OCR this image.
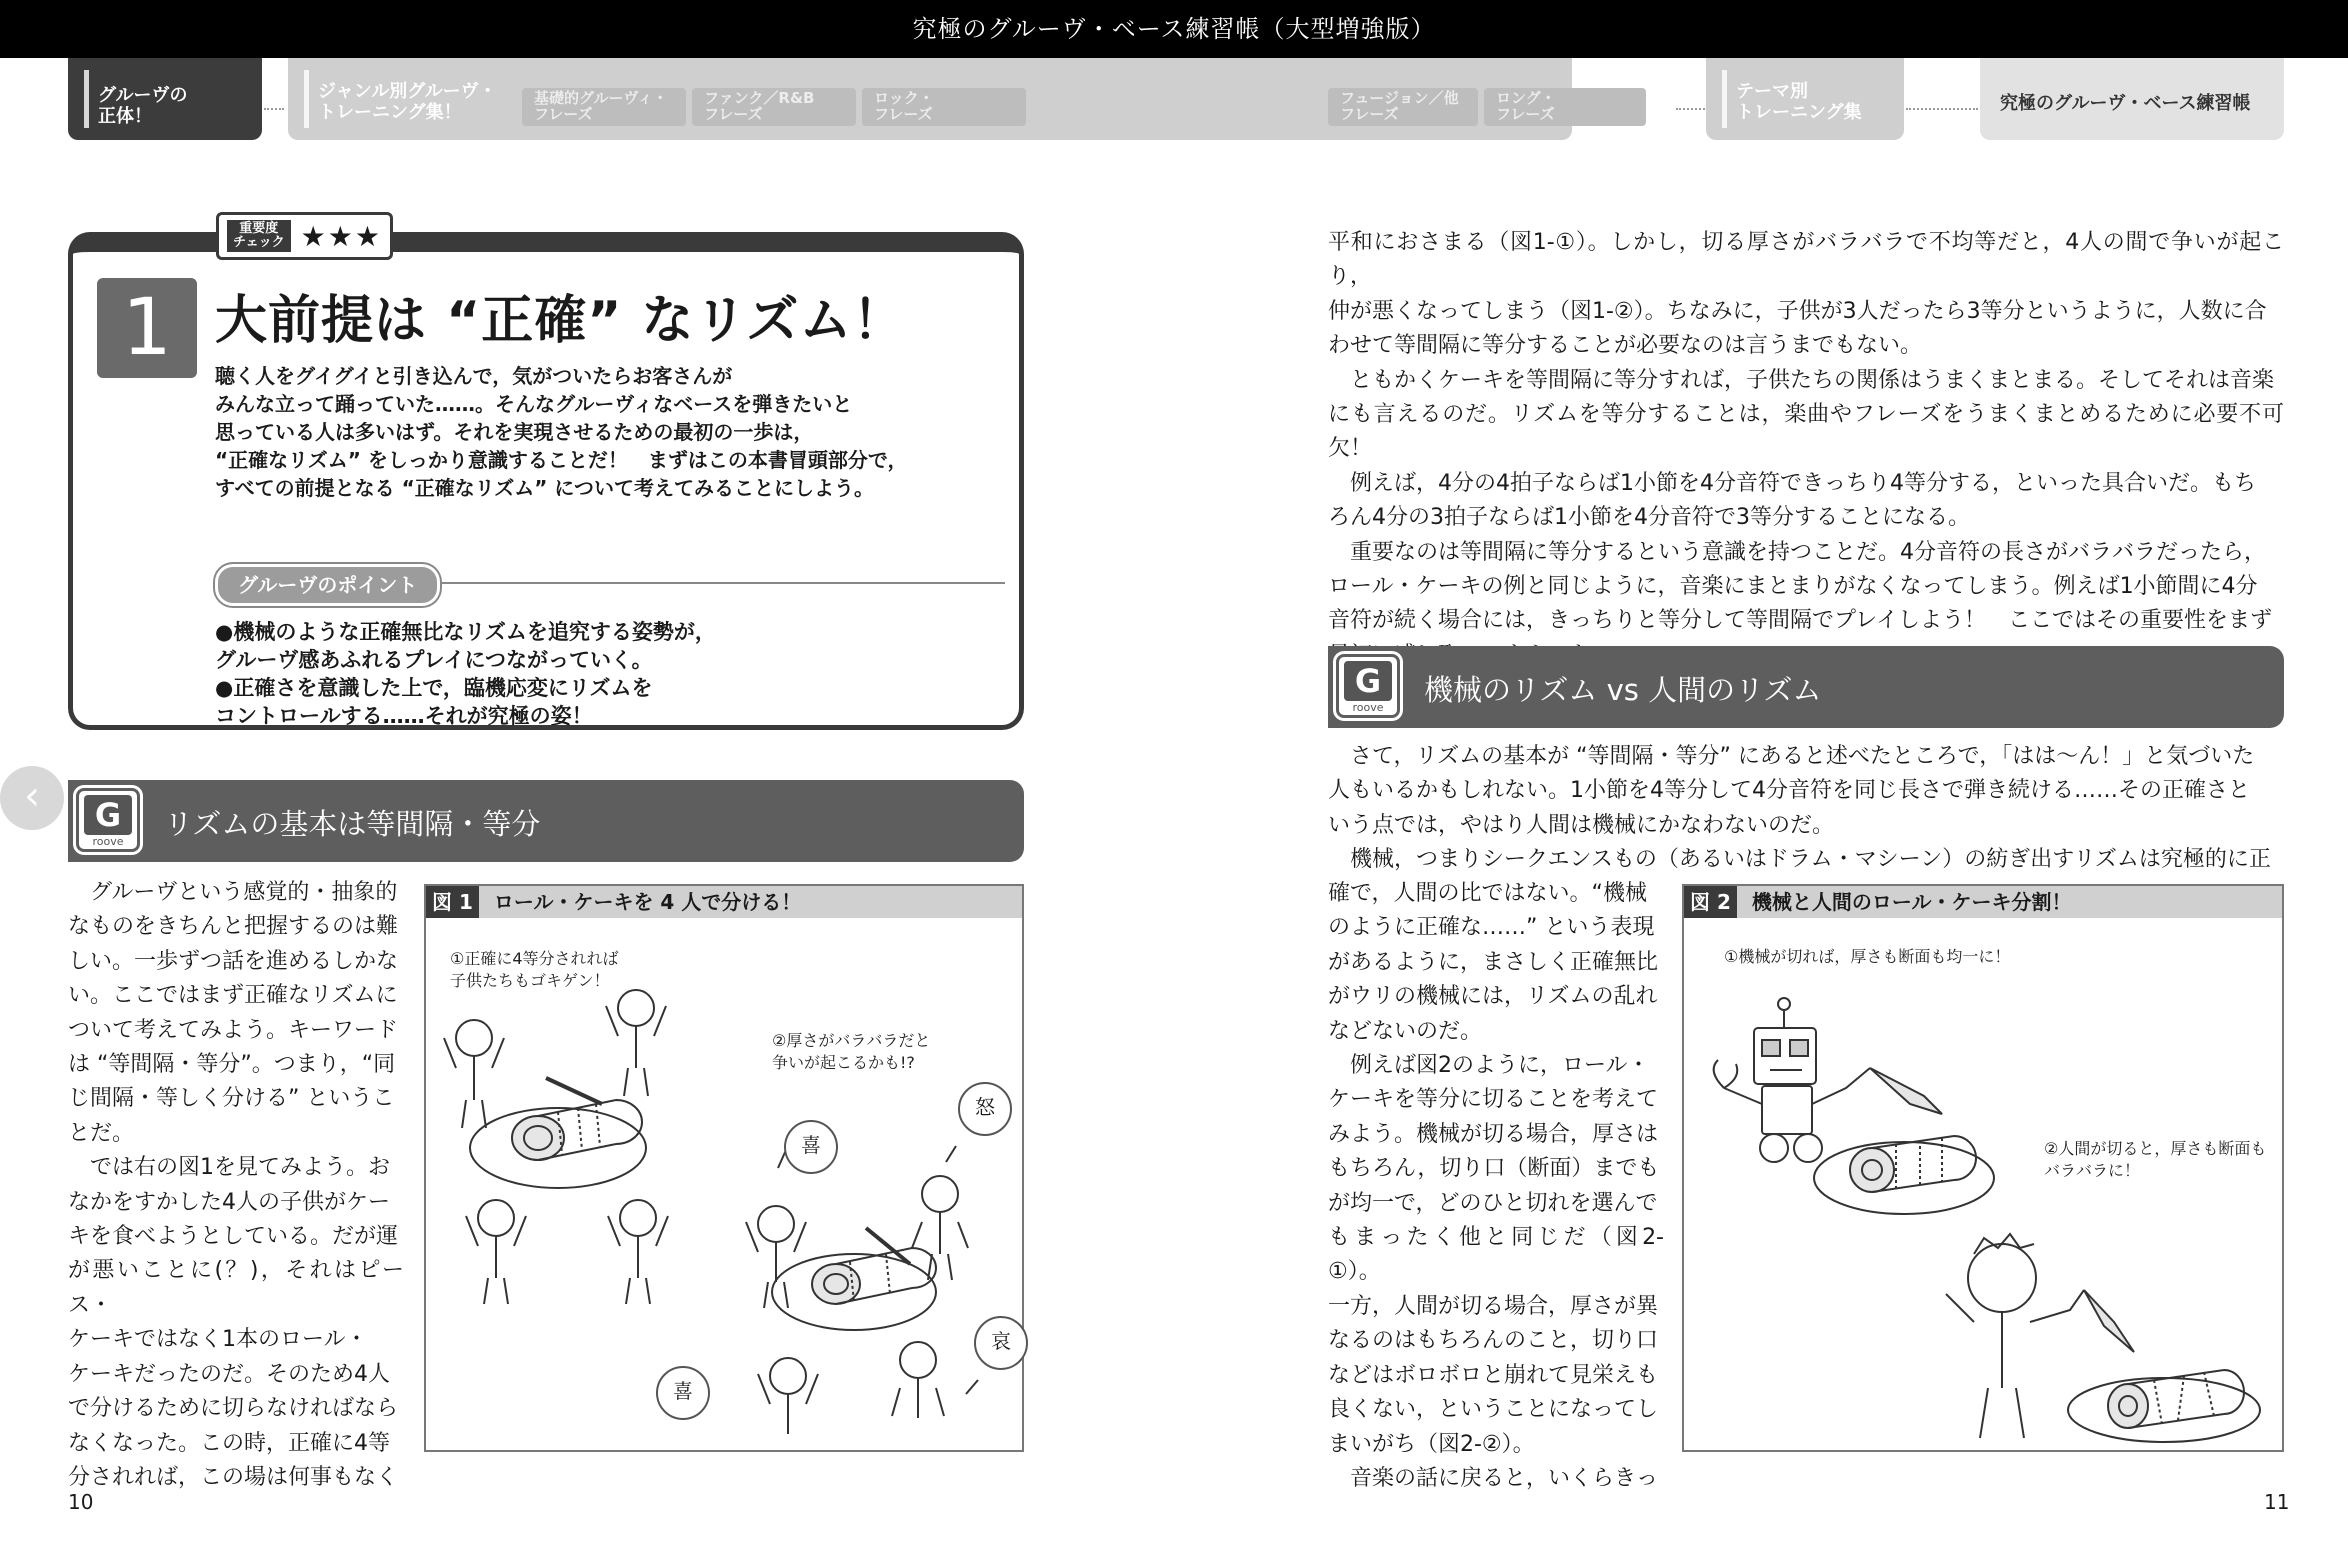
究極のグルーヴ・ベース練習帳（大型増強版）
グルーヴの
正体！
ジャンル別グルーヴ・
トレーニング集！
基礎的グルーヴィ・
フレーズ
ファンク／R&B
フレーズ
ロック・
フレーズ
フュージョン／他
フレーズ
ロング・
フレーズ
テーマ別
トレーニング集	究極のグルーヴ・ベース練習帳
1 大前提は “正確” なリズム！
聴く人をグイグイと引き込んで，気がついたらお客さんが
みんな立って踊っていた……。そんなグルーヴィなベースを弾きたいと
思っている人は多いはず。それを実現させるための最初の一歩は，
“正確なリズム” をしっかり意識することだ！　まずはこの本書冒頭部分で，
すべての前提となる “正確なリズム” について考えてみることにしよう。
グルーヴのポイント
●機械のような正確無比なリズムを追究する姿勢が，
グルーヴ感あふれるプレイにつながっていく。
●正確さを意識した上で，臨機応変にリズムを
コントロールする……それが究極の姿！
重要度
チェック ★★★
‹	G
roove
リズムの基本は等間隔・等分
グルーヴという感覚的・抽象的
なものをきちんと把握するのは難
しい。一歩ずつ話を進めるしかな
い。ここではまず正確なリズムに
ついて考えてみよう。キーワード
は “等間隔・等分”。つまり，“同
じ間隔・等しく分ける” というこ
とだ。
では右の図1を見てみよう。お
なかをすかした4人の子供がケー
キを食べようとしている。だが運
が悪いことに(？)，それはピース・
ケーキではなく1本のロール・
ケーキだったのだ。そのため4人
で分けるために切らなければなら
なくなった。この時，正確に4等
分されれば，この場は何事もなく
図 1 ロール・ケーキを 4 人で分ける！
①正確に4等分されれば
子供たちもゴキゲン！
②厚さがバラバラだと
争いが起こるかも!?
喜
怒
喜
哀
平和におさまる（図1-①）。しかし，切る厚さがバラバラで不均等だと，4人の間で争いが起こり，
仲が悪くなってしまう（図1-②）。ちなみに，子供が3人だったら3等分というように，人数に合
わせて等間隔に等分することが必要なのは言うまでもない。
ともかくケーキを等間隔に等分すれば，子供たちの関係はうまくまとまる。そしてそれは音楽
にも言えるのだ。リズムを等分することは，楽曲やフレーズをうまくまとめるために必要不可欠！
例えば，4分の4拍子ならば1小節を4分音符できっちり4等分する，といった具合いだ。もち
ろん4分の3拍子ならば1小節を4分音符で3等分することになる。
重要なのは等間隔に等分するという意識を持つことだ。4分音符の長さがバラバラだったら，
ロール・ケーキの例と同じように，音楽にまとまりがなくなってしまう。例えば1小節間に4分
音符が続く場合には，きっちりと等分して等間隔でプレイしよう！　ここではその重要性をまず
G
roove
機械のリズム vs 人間のリズム
さて，リズムの基本が “等間隔・等分” にあると述べたところで，「はは～ん！」と気づいた
人もいるかもしれない。1小節を4等分して4分音符を同じ長さで弾き続ける……その正確さと
いう点では，やはり人間は機械にかなわないのだ。
機械，つまりシークエンスもの（あるいはドラム・マシーン）の紡ぎ出すリズムは究極的に正
確で，人間の比ではない。“機械
のように正確な……” という表現
があるように，まさしく正確無比
がウリの機械には，リズムの乱れ
などないのだ。
例えば図2のように，ロール・
ケーキを等分に切ることを考えて
みよう。機械が切る場合，厚さは
もちろん，切り口（断面）までも
が均一で，どのひと切れを選んで
もまったく他と同じだ（図2-①）。
一方，人間が切る場合，厚さが異
なるのはもちろんのこと，切り口
などはボロボロと崩れて見栄えも
良くない，ということになってし
まいがち（図2-②）。
音楽の話に戻ると，いくらきっ
図 2 機械と人間のロール・ケーキ分割！
①機械が切れば，厚さも断面も均一に！
②人間が切ると，厚さも断面も
バラバラに！
10	11
